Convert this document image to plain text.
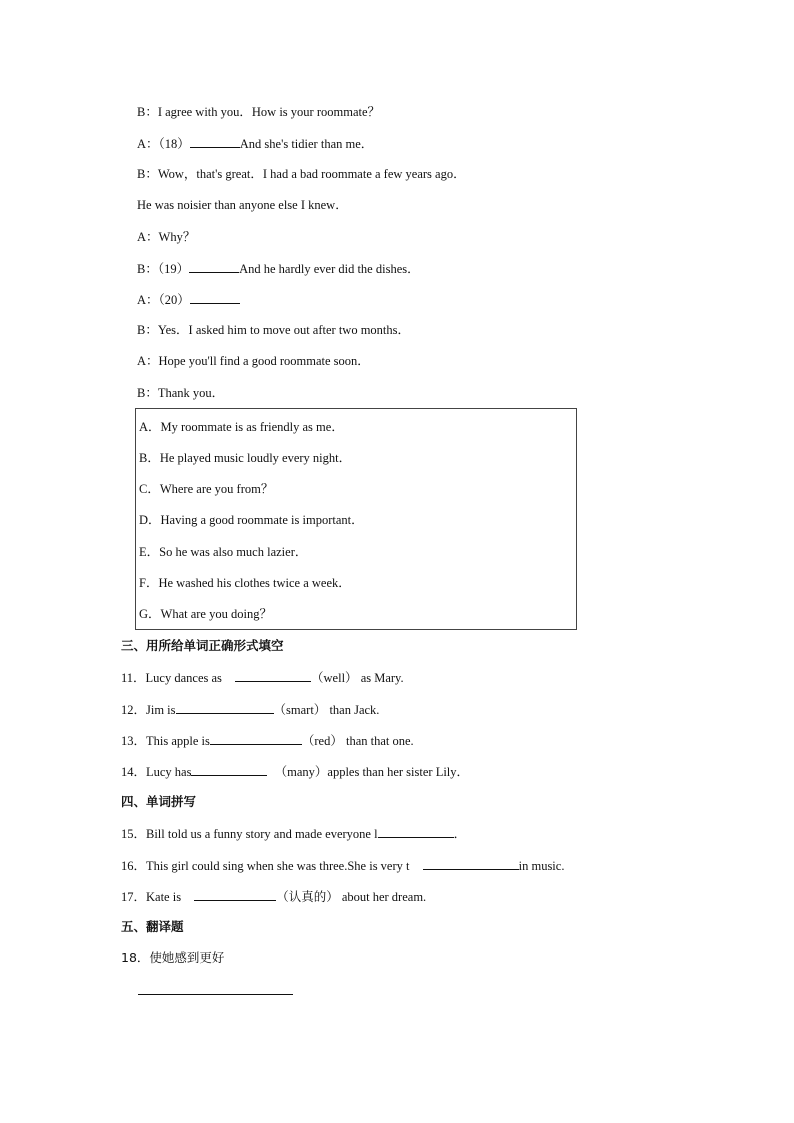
B：I agree with you．How is your roommate？
A：（18）	And she's tidier than me．
B：Wow，that's great．I had a bad roommate a few years ago．
He was noisier than anyone else I knew．
A：Why？
B：（19）	And he hardly ever did the dishes．
A：（20）
B：Yes．I asked him to move out after two months．
A：Hope you'll find a good roommate soon．
B：Thank you．
A．My roommate is as friendly as me．
B．He played music loudly every night．
C．Where are you from？
D．Having a good roommate is important．
E．So he was also much lazier．
F．He washed his clothes twice a week．
G．What are you doing？
三、用所给单词正确形式填空
11．Lucy dances as	（well） as Mary.
12．Jim is	（smart） than Jack.
13．This apple is	（red） than that one.
14．Lucy has	（many）apples than her sister Lily．
四、单词拼写
15．Bill told us a funny story and made everyone l	．
16．This girl could sing when she was three.She is very t	in music.
17．Kate is	（认真的） about her dream.
五、翻译题
18．使她感到更好
